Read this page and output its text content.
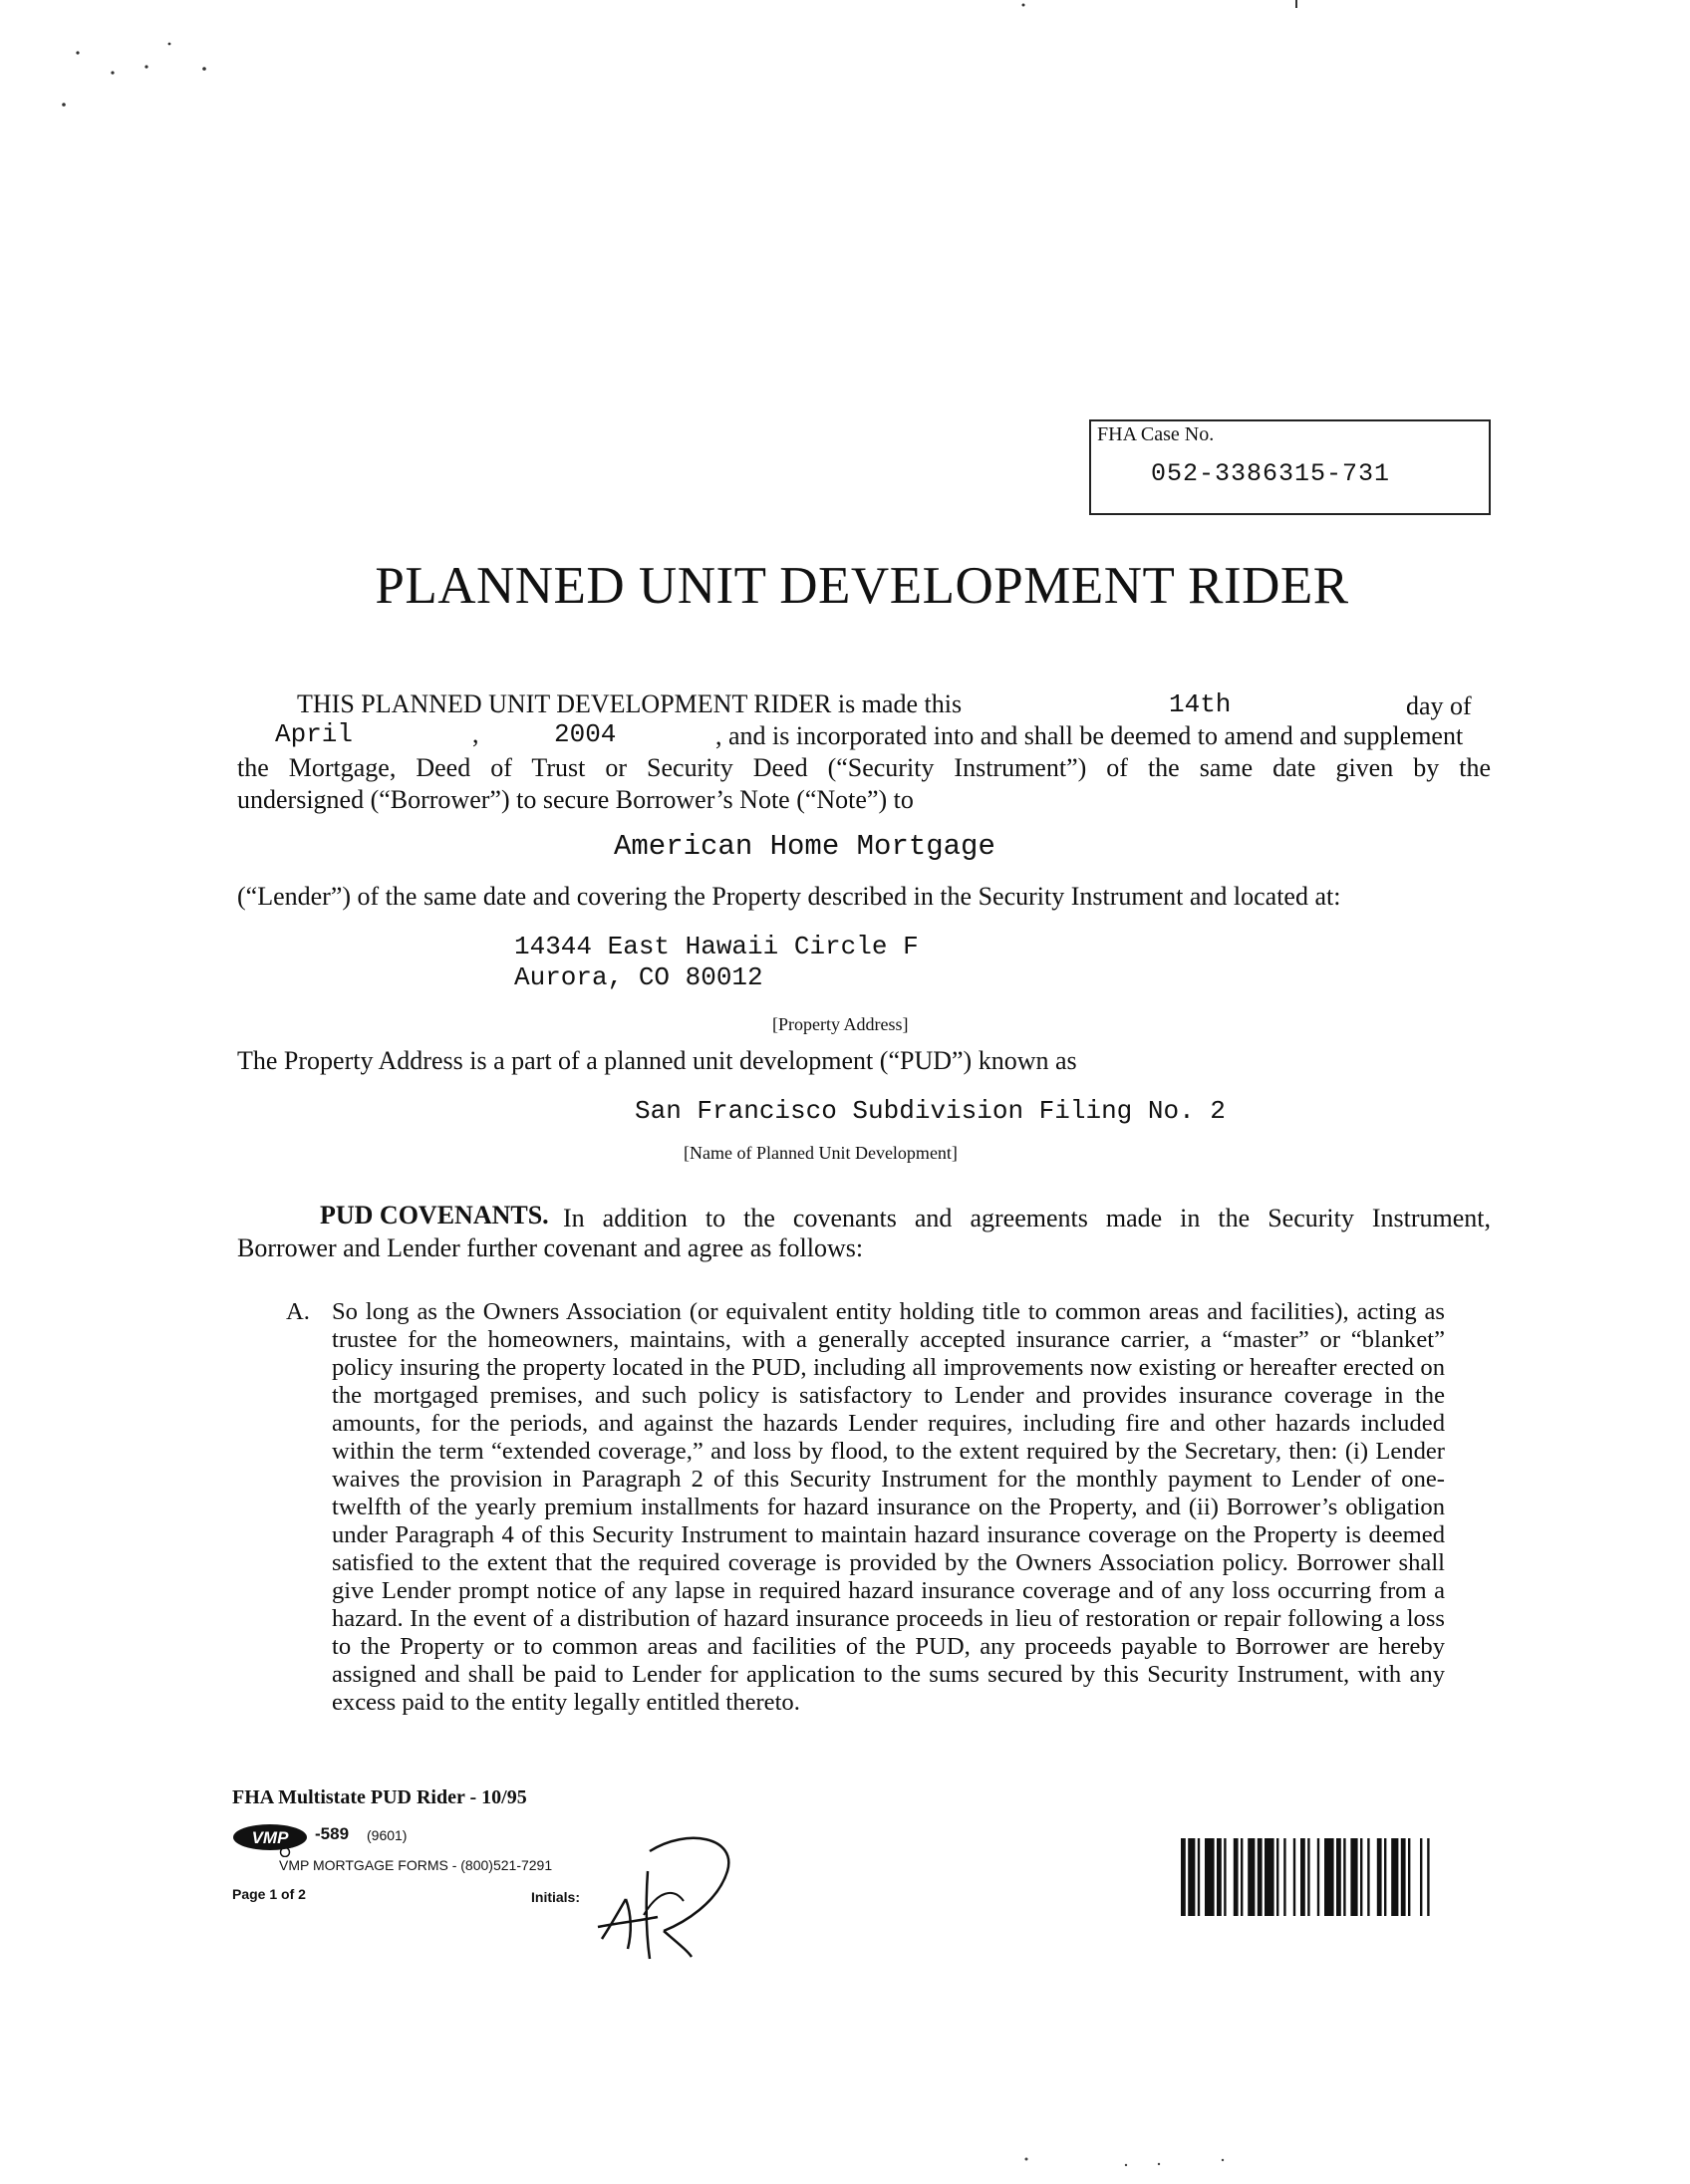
FHA Case No.
052-3386315-731
PLANNED UNIT DEVELOPMENT RIDER
THIS PLANNED UNIT DEVELOPMENT RIDER is made this	14th	day of
April	,	2004	, and is incorporated into and shall be deemed to amend and supplement
the Mortgage, Deed of Trust or Security Deed (“Security Instrument”) of the same date given by the
undersigned (“Borrower”) to secure Borrower’s Note (“Note”) to
American Home Mortgage
(“Lender”) of the same date and covering the Property described in the Security Instrument and located at:
14344 East Hawaii Circle F
Aurora, CO 80012
[Property Address]
The Property Address is a part of a planned unit development (“PUD”) known as
San Francisco Subdivision Filing No. 2
[Name of Planned Unit Development]
PUD COVENANTS. In addition to the covenants and agreements made in the Security Instrument,
Borrower and Lender further covenant and agree as follows:
A. So long as the Owners Association (or equivalent entity holding title to common areas and facilities), acting as trustee for the homeowners, maintains, with a generally accepted insurance carrier, a “master” or “blanket” policy insuring the property located in the PUD, including all improvements now existing or hereafter erected on the mortgaged premises, and such policy is satisfactory to Lender and provides insurance coverage in the amounts, for the periods, and against the hazards Lender requires, including fire and other hazards included within the term “extended coverage,” and loss by flood, to the extent required by the Secretary, then: (i) Lender waives the provision in Paragraph 2 of this Security Instrument for the monthly payment to Lender of one-twelfth of the yearly premium installments for hazard insurance on the Property, and (ii) Borrower’s obligation under Paragraph 4 of this Security Instrument to maintain hazard insurance coverage on the Property is deemed satisfied to the extent that the required coverage is provided by the Owners Association policy. Borrower shall give Lender prompt notice of any lapse in required hazard insurance coverage and of any loss occurring from a hazard. In the event of a distribution of hazard insurance proceeds in lieu of restoration or repair following a loss to the Property or to common areas and facilities of the PUD, any proceeds payable to Borrower are hereby assigned and shall be paid to Lender for application to the sums secured by this Security Instrument, with any excess paid to the entity legally entitled thereto.
FHA Multistate PUD Rider - 10/95
VMP -589 (9601)
VMP MORTGAGE FORMS - (800)521-7291
Page 1 of 2	Initials:
